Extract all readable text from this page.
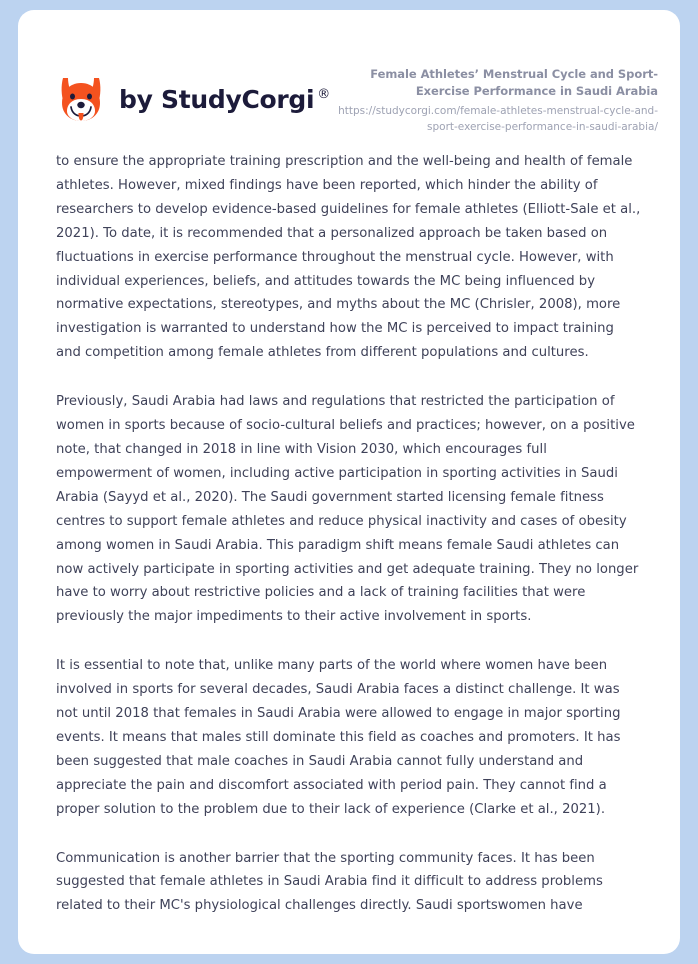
by StudyCorgi ®
Female Athletes’ Menstrual Cycle and Sport-Exercise Performance in Saudi Arabia
https://studycorgi.com/female-athletes-menstrual-cycle-and-sport-exercise-performance-in-saudi-arabia/

to ensure the appropriate training prescription and the well-being and health of female athletes. However, mixed findings have been reported, which hinder the ability of researchers to develop evidence-based guidelines for female athletes (Elliott-Sale et al., 2021). To date, it is recommended that a personalized approach be taken based on fluctuations in exercise performance throughout the menstrual cycle. However, with individual experiences, beliefs, and attitudes towards the MC being influenced by normative expectations, stereotypes, and myths about the MC (Chrisler, 2008), more investigation is warranted to understand how the MC is perceived to impact training and competition among female athletes from different populations and cultures.

Previously, Saudi Arabia had laws and regulations that restricted the participation of women in sports because of socio-cultural beliefs and practices; however, on a positive note, that changed in 2018 in line with Vision 2030, which encourages full empowerment of women, including active participation in sporting activities in Saudi Arabia (Sayyd et al., 2020). The Saudi government started licensing female fitness centres to support female athletes and reduce physical inactivity and cases of obesity among women in Saudi Arabia. This paradigm shift means female Saudi athletes can now actively participate in sporting activities and get adequate training. They no longer have to worry about restrictive policies and a lack of training facilities that were previously the major impediments to their active involvement in sports.

It is essential to note that, unlike many parts of the world where women have been involved in sports for several decades, Saudi Arabia faces a distinct challenge. It was not until 2018 that females in Saudi Arabia were allowed to engage in major sporting events. It means that males still dominate this field as coaches and promoters. It has been suggested that male coaches in Saudi Arabia cannot fully understand and appreciate the pain and discomfort associated with period pain. They cannot find a proper solution to the problem due to their lack of experience (Clarke et al., 2021).

Communication is another barrier that the sporting community faces. It has been suggested that female athletes in Saudi Arabia find it difficult to address problems related to their MC's physiological challenges directly. Saudi sportswomen have
